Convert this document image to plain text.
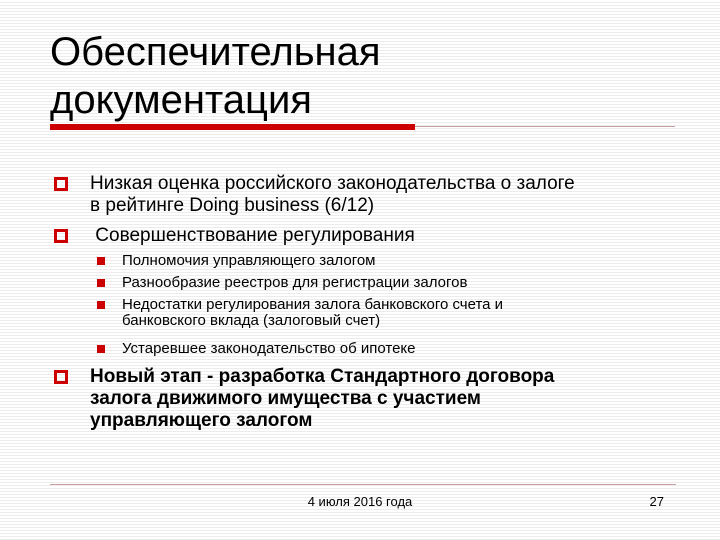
Обеспечительная
документация
Низкая оценка российского законодательства о залоге
в рейтинге Doing business (6/12)
Совершенствование регулирования
Полномочия управляющего залогом
Разнообразие реестров для регистрации залогов
Недостатки регулирования залога банковского счета и
банковского вклада (залоговый счет)
Устаревшее законодательство об ипотеке
Новый этап - разработка Стандартного договора
залога движимого имущества с участием
управляющего залогом
4 июля 2016 года	27
